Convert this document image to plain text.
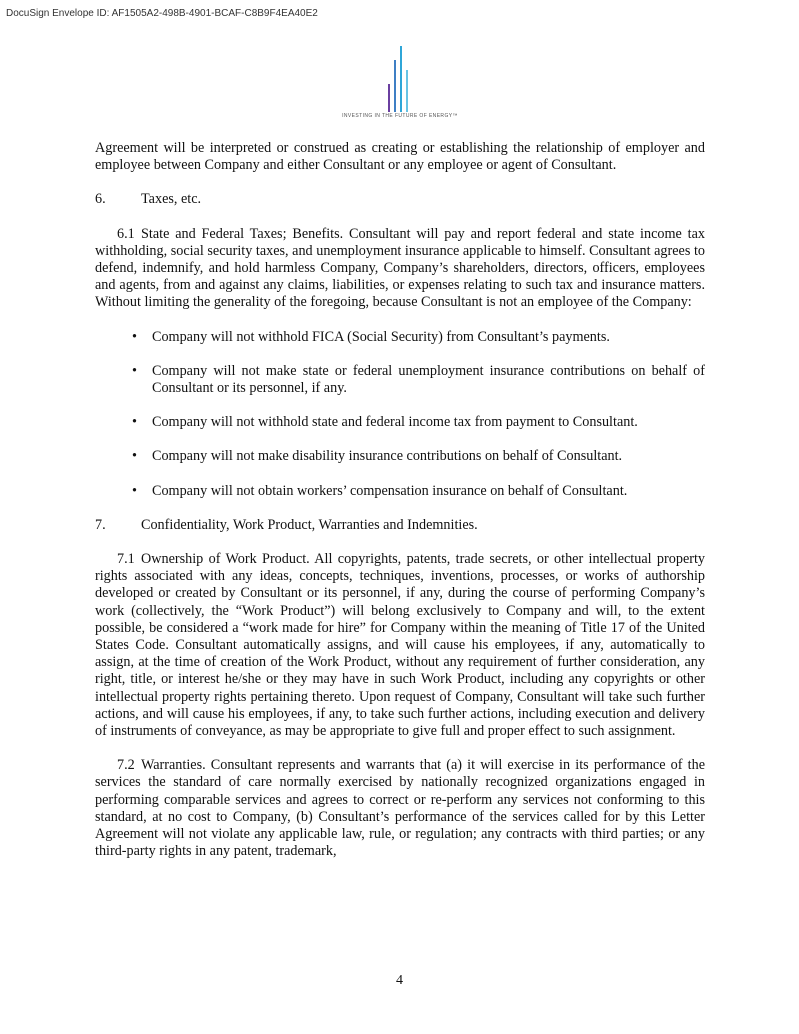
DocuSign Envelope ID: AF1505A2-498B-4901-BCAF-C8B9F4EA40E2
INVESTING IN THE FUTURE OF ENERGY™

Agreement will be interpreted or construed as creating or establishing the relationship of employer and employee between Company and either Consultant or any employee or agent of Consultant.

6.	Taxes, etc.

6.1 State and Federal Taxes; Benefits. Consultant will pay and report federal and state income tax withholding, social security taxes, and unemployment insurance applicable to himself. Consultant agrees to defend, indemnify, and hold harmless Company, Company’s shareholders, directors, officers, employees and agents, from and against any claims, liabilities, or expenses relating to such tax and insurance matters. Without limiting the generality of the foregoing, because Consultant is not an employee of the Company:

•	Company will not withhold FICA (Social Security) from Consultant’s payments.
•	Company will not make state or federal unemployment insurance contributions on behalf of Consultant or its personnel, if any.
•	Company will not withhold state and federal income tax from payment to Consultant.
•	Company will not make disability insurance contributions on behalf of Consultant.
•	Company will not obtain workers’ compensation insurance on behalf of Consultant.
7.	Confidentiality, Work Product, Warranties and Indemnities.

7.1 Ownership of Work Product. All copyrights, patents, trade secrets, or other intellectual property rights associated with any ideas, concepts, techniques, inventions, processes, or works of authorship developed or created by Consultant or its personnel, if any, during the course of performing Company’s work (collectively, the “Work Product”) will belong exclusively to Company and will, to the extent possible, be considered a “work made for hire” for Company within the meaning of Title 17 of the United States Code. Consultant automatically assigns, and will cause his employees, if any, automatically to assign, at the time of creation of the Work Product, without any requirement of further consideration, any right, title, or interest he/she or they may have in such Work Product, including any copyrights or other intellectual property rights pertaining thereto. Upon request of Company, Consultant will take such further actions, and will cause his employees, if any, to take such further actions, including execution and delivery of instruments of conveyance, as may be appropriate to give full and proper effect to such assignment.

7.2 Warranties. Consultant represents and warrants that (a) it will exercise in its performance of the services the standard of care normally exercised by nationally recognized organizations engaged in performing comparable services and agrees to correct or re-perform any services not conforming to this standard, at no cost to Company, (b) Consultant’s performance of the services called for by this Letter Agreement will not violate any applicable law, rule, or regulation; any contracts with third parties; or any third-party rights in any patent, trademark,

4
